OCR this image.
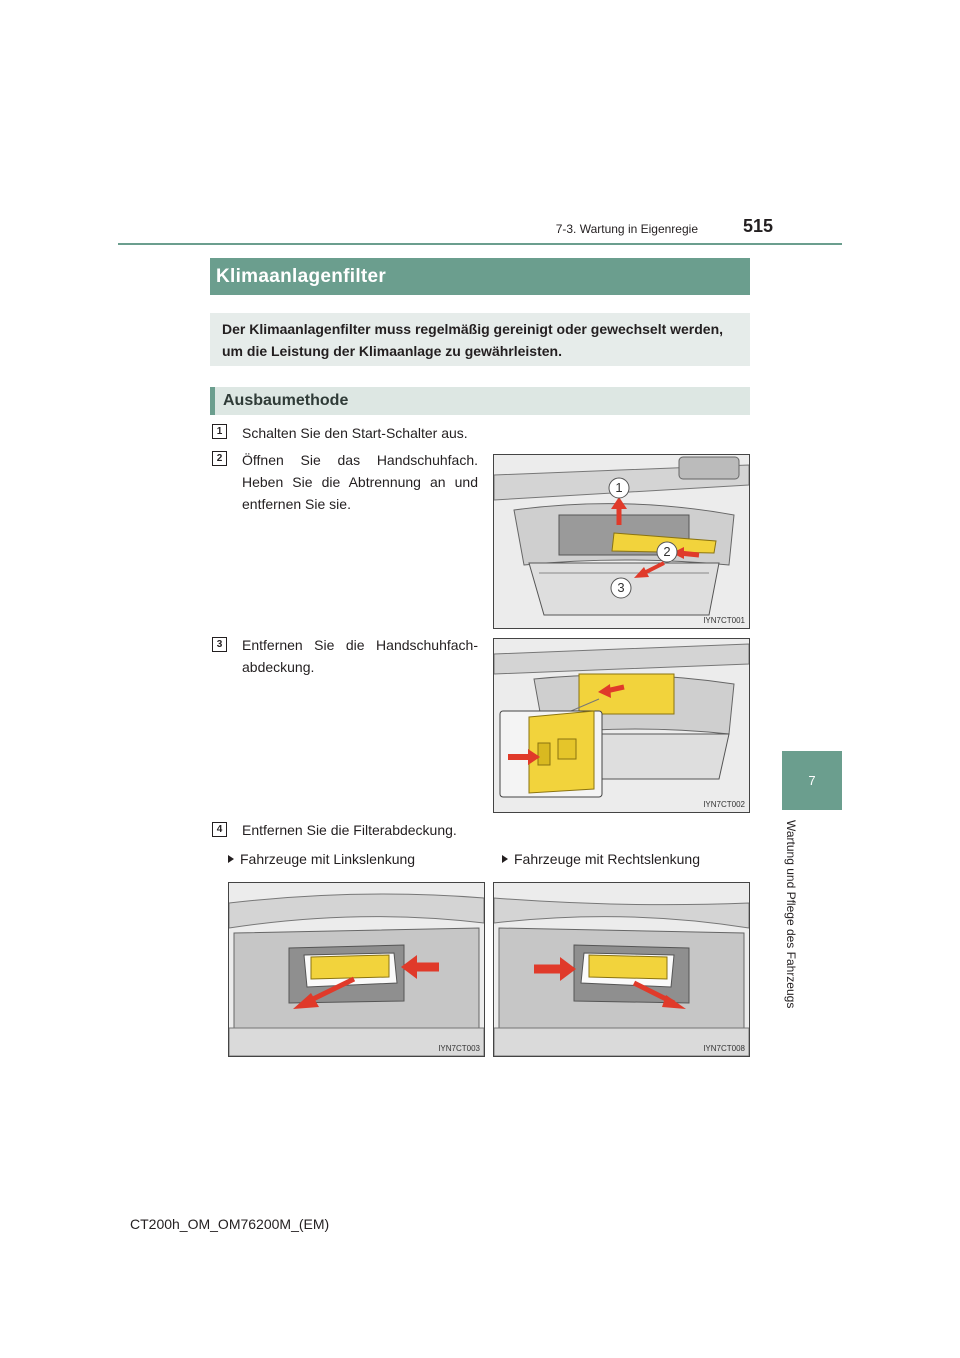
7-3. Wartung in Eigenregie 515
7
Wartung und Pflege des Fahrzeugs
Klimaanlagenfilter
Der Klimaanlagenfilter muss regelmäßig gereinigt oder gewechselt werden, um die Leistung der Klimaanlage zu gewährleisten.
Ausbaumethode
1	Schalten Sie den Start-Schalter aus.
2	Öffnen Sie das Handschuhfach.
Heben Sie die Abtrennung an und
entfernen Sie sie.
1
2
3
IYN7CT001
3	Entfernen Sie die Handschuhfach-
abdeckung.
IYN7CT002
4	Entfernen Sie die Filterabdeckung.
Fahrzeuge mit Linkslenkung	Fahrzeuge mit Rechtslenkung
IYN7CT003	IYN7CT008
CT200h_OM_OM76200M_(EM)
